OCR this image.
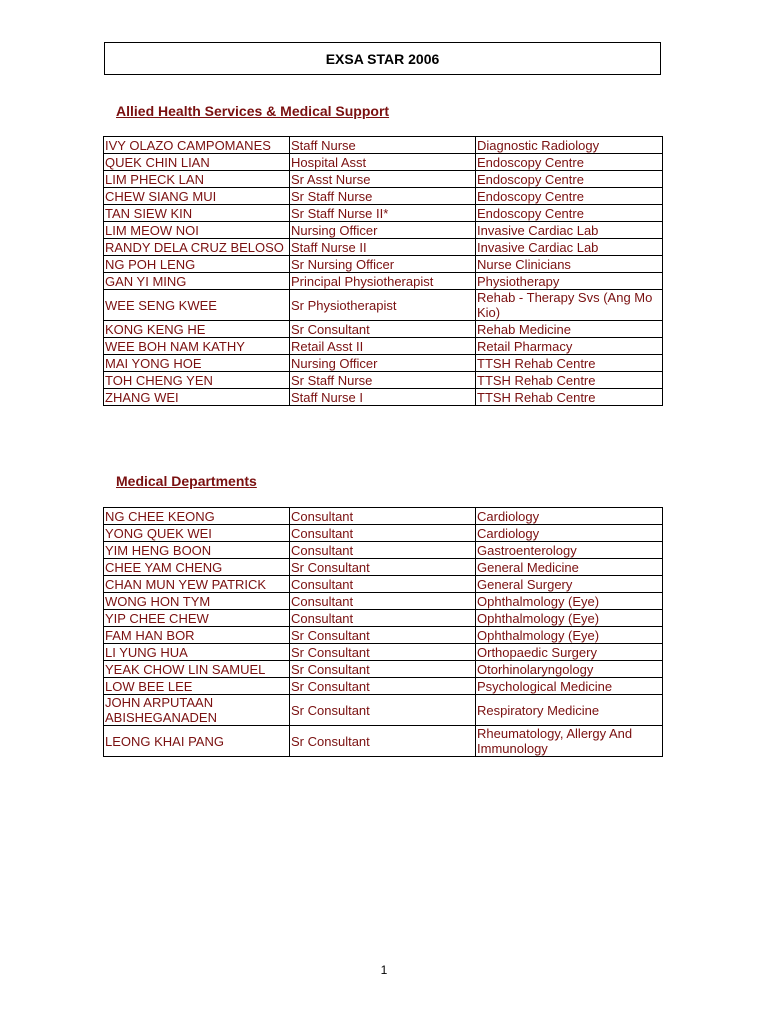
EXSA STAR 2006
Allied Health Services & Medical Support
IVY OLAZO CAMPOMANES	Staff Nurse	Diagnostic Radiology
QUEK CHIN LIAN	Hospital Asst	Endoscopy Centre
LIM PHECK LAN	Sr Asst Nurse	Endoscopy Centre
CHEW SIANG MUI	Sr Staff Nurse	Endoscopy Centre
TAN SIEW KIN	Sr Staff Nurse II*	Endoscopy Centre
LIM MEOW NOI	Nursing Officer	Invasive Cardiac Lab
RANDY DELA CRUZ BELOSO	Staff Nurse II	Invasive Cardiac Lab
NG POH LENG	Sr Nursing Officer	Nurse Clinicians
GAN YI MING	Principal Physiotherapist	Physiotherapy
WEE SENG KWEE	Sr Physiotherapist	Rehab - Therapy Svs (Ang Mo Kio)
KONG KENG HE	Sr Consultant	Rehab Medicine
WEE BOH NAM KATHY	Retail Asst II	Retail Pharmacy
MAI YONG HOE	Nursing Officer	TTSH Rehab Centre
TOH CHENG YEN	Sr Staff Nurse	TTSH Rehab Centre
ZHANG WEI	Staff Nurse I	TTSH Rehab Centre
Medical Departments
NG CHEE KEONG	Consultant	Cardiology
YONG QUEK WEI	Consultant	Cardiology
YIM HENG BOON	Consultant	Gastroenterology
CHEE YAM CHENG	Sr Consultant	General Medicine
CHAN MUN YEW PATRICK	Consultant	General Surgery
WONG HON TYM	Consultant	Ophthalmology (Eye)
YIP CHEE CHEW	Consultant	Ophthalmology (Eye)
FAM HAN BOR	Sr Consultant	Ophthalmology (Eye)
LI YUNG HUA	Sr Consultant	Orthopaedic Surgery
YEAK CHOW LIN SAMUEL	Sr Consultant	Otorhinolaryngology
LOW BEE LEE	Sr Consultant	Psychological Medicine
JOHN ARPUTAAN ABISHEGANADEN	Sr Consultant	Respiratory Medicine
LEONG KHAI PANG	Sr Consultant	Rheumatology, Allergy And Immunology
1
